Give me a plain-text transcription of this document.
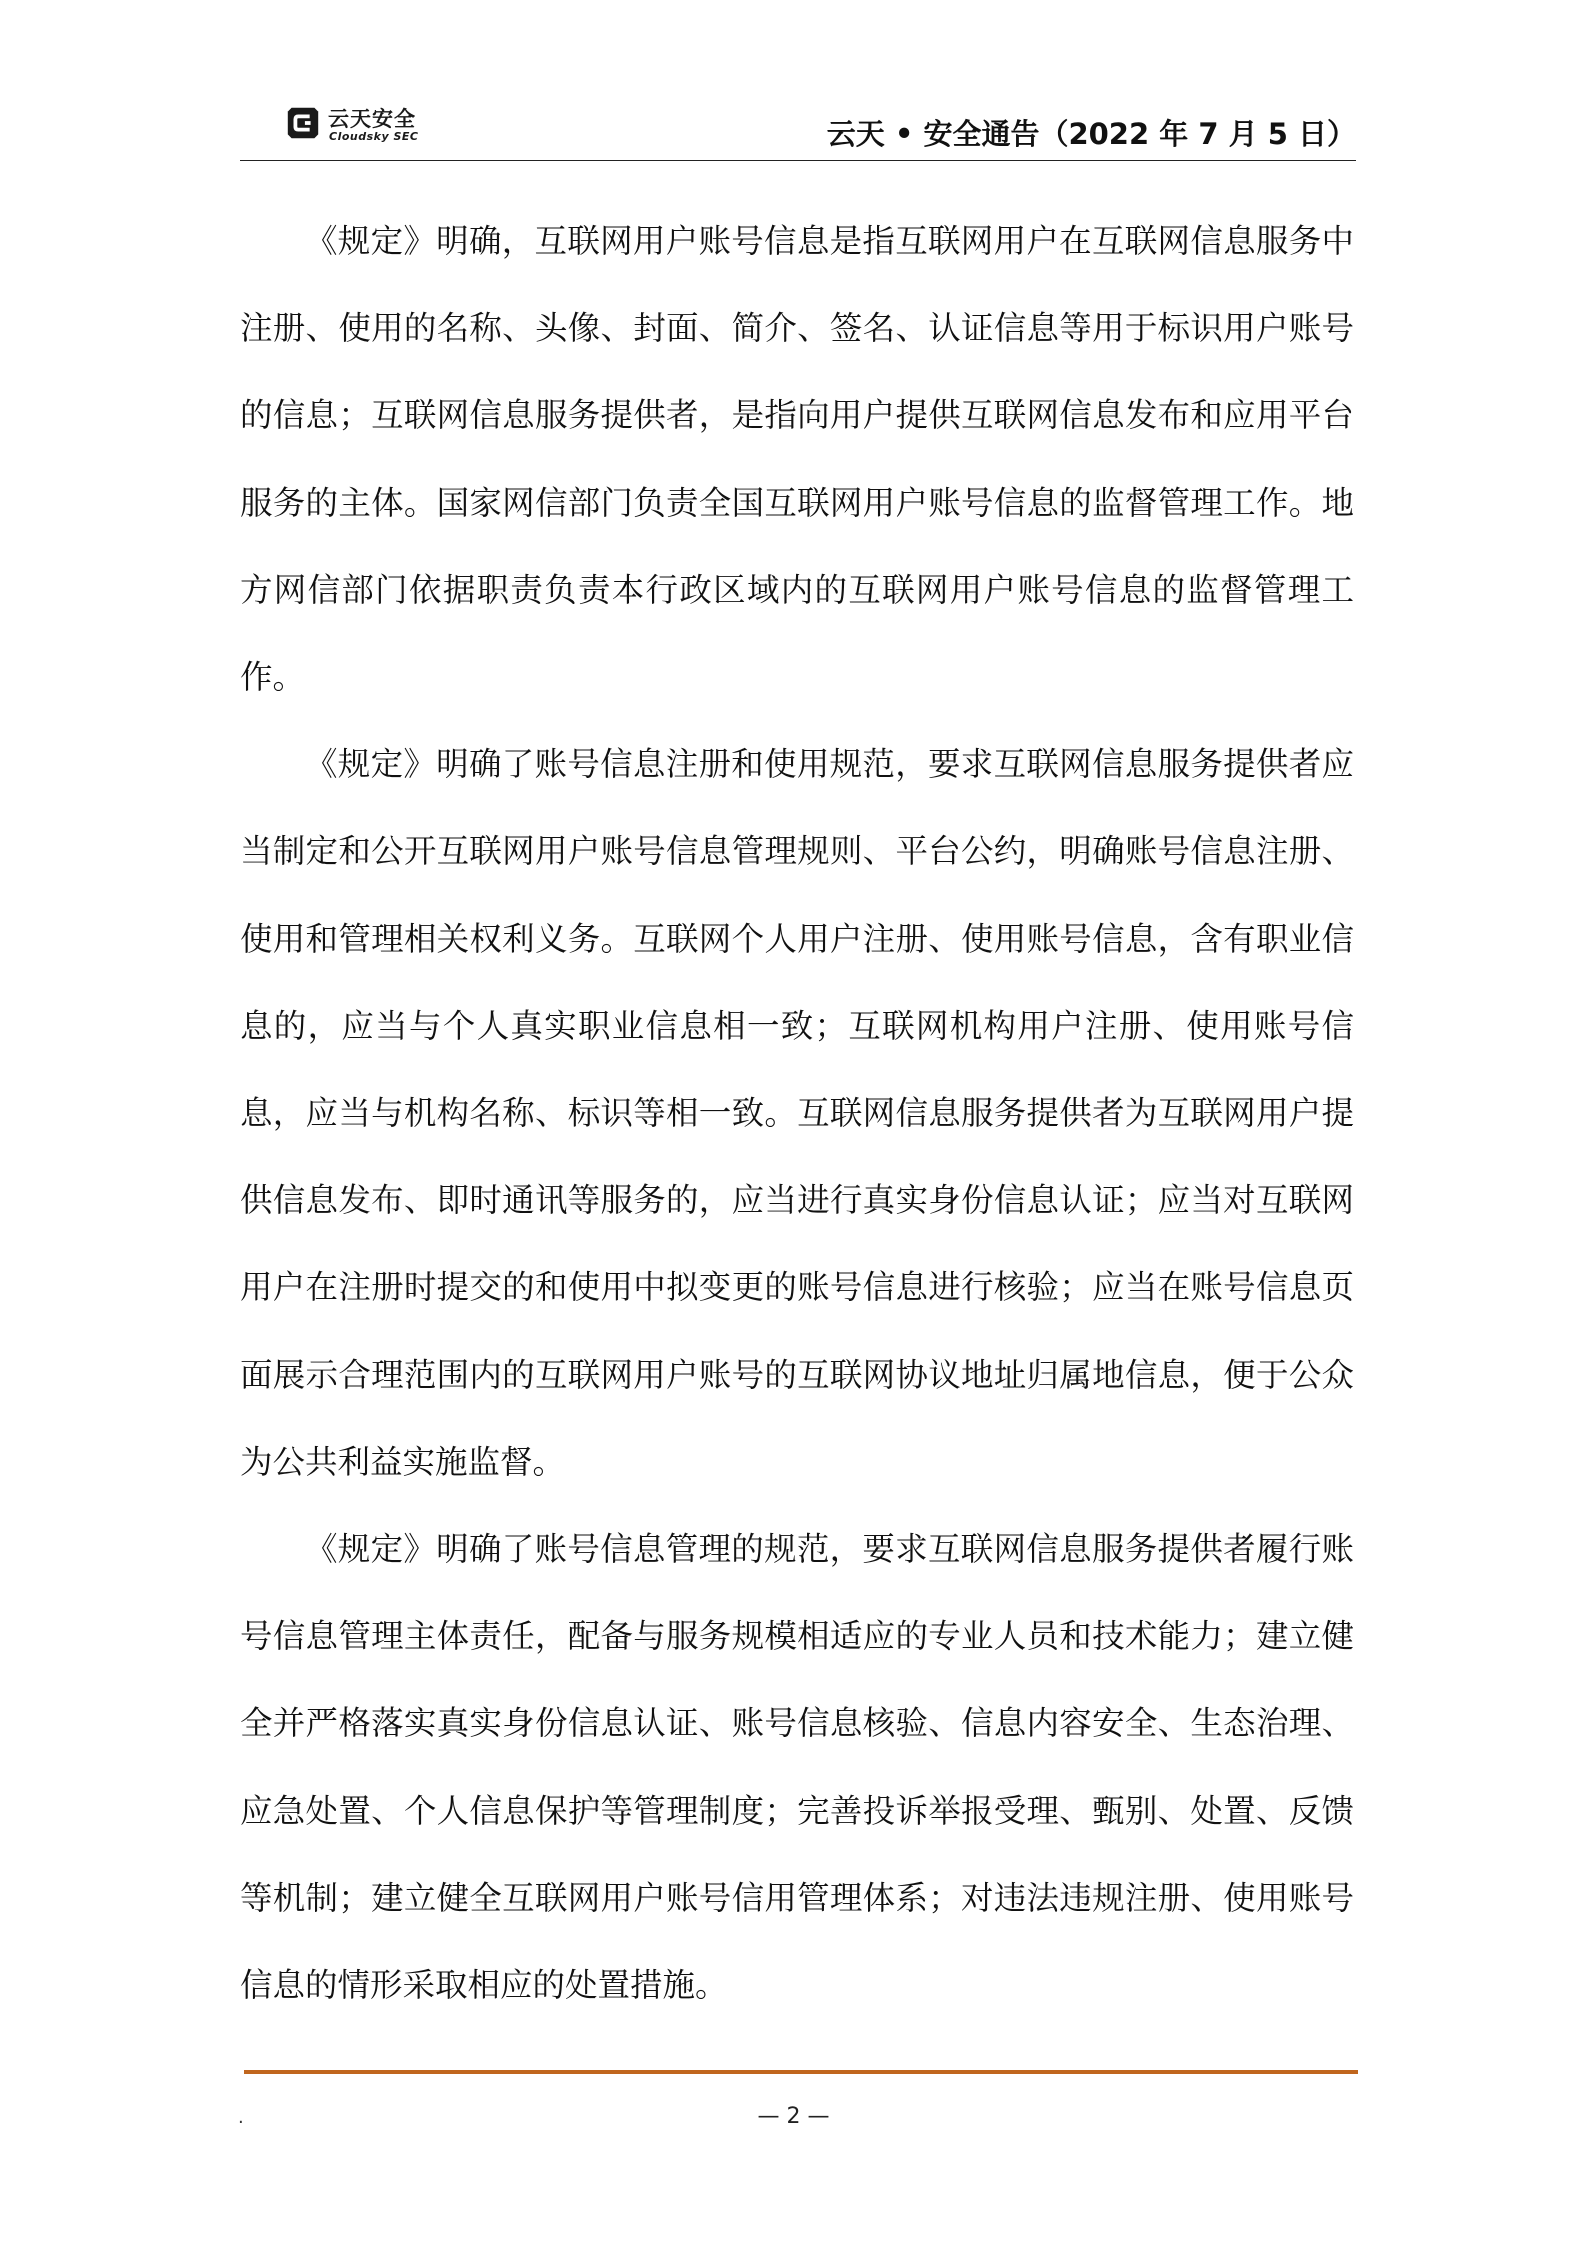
云天安全
Cloudsky SEC	云天 • 安全通告（2022 年 7 月 5 日）

《规定》明确，互联网用户账号信息是指互联网用户在互联网信息服务中注册、使用的名称、头像、封面、简介、签名、认证信息等用于标识用户账号的信息；互联网信息服务提供者，是指向用户提供互联网信息发布和应用平台服务的主体。国家网信部门负责全国互联网用户账号信息的监督管理工作。地方网信部门依据职责负责本行政区域内的互联网用户账号信息的监督管理工作。

《规定》明确了账号信息注册和使用规范，要求互联网信息服务提供者应当制定和公开互联网用户账号信息管理规则、平台公约，明确账号信息注册、使用和管理相关权利义务。互联网个人用户注册、使用账号信息，含有职业信息的，应当与个人真实职业信息相一致；互联网机构用户注册、使用账号信息，应当与机构名称、标识等相一致。互联网信息服务提供者为互联网用户提供信息发布、即时通讯等服务的，应当进行真实身份信息认证；应当对互联网用户在注册时提交的和使用中拟变更的账号信息进行核验；应当在账号信息页面展示合理范围内的互联网用户账号的互联网协议地址归属地信息，便于公众为公共利益实施监督。

《规定》明确了账号信息管理的规范，要求互联网信息服务提供者履行账号信息管理主体责任，配备与服务规模相适应的专业人员和技术能力；建立健全并严格落实真实身份信息认证、账号信息核验、信息内容安全、生态治理、应急处置、个人信息保护等管理制度；完善投诉举报受理、甄别、处置、反馈等机制；建立健全互联网用户账号信用管理体系；对违法违规注册、使用账号信息的情形采取相应的处置措施。

.	— 2 —
